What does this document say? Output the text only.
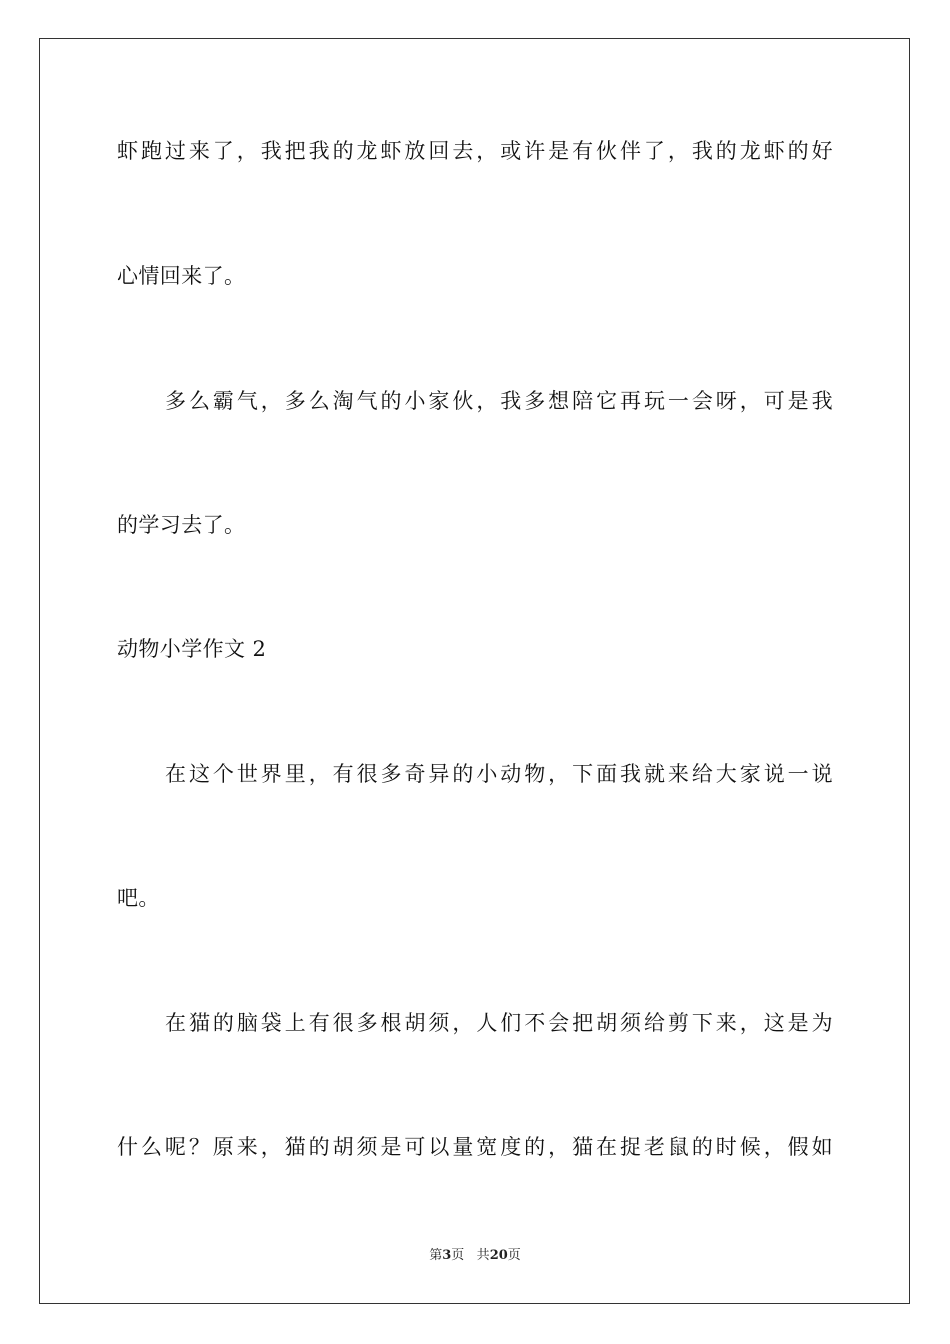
虾跑过来了，我把我的龙虾放回去，或许是有伙伴了，我的龙虾的好
心情回来了。
多么霸气，多么淘气的小家伙，我多想陪它再玩一会呀，可是我
的学习去了。
动物小学作文 2
在这个世界里，有很多奇异的小动物，下面我就来给大家说一说
吧。
在猫的脑袋上有很多根胡须，人们不会把胡须给剪下来，这是为
什么呢？原来，猫的胡须是可以量宽度的，猫在捉老鼠的时候，假如
第3页 共20页
